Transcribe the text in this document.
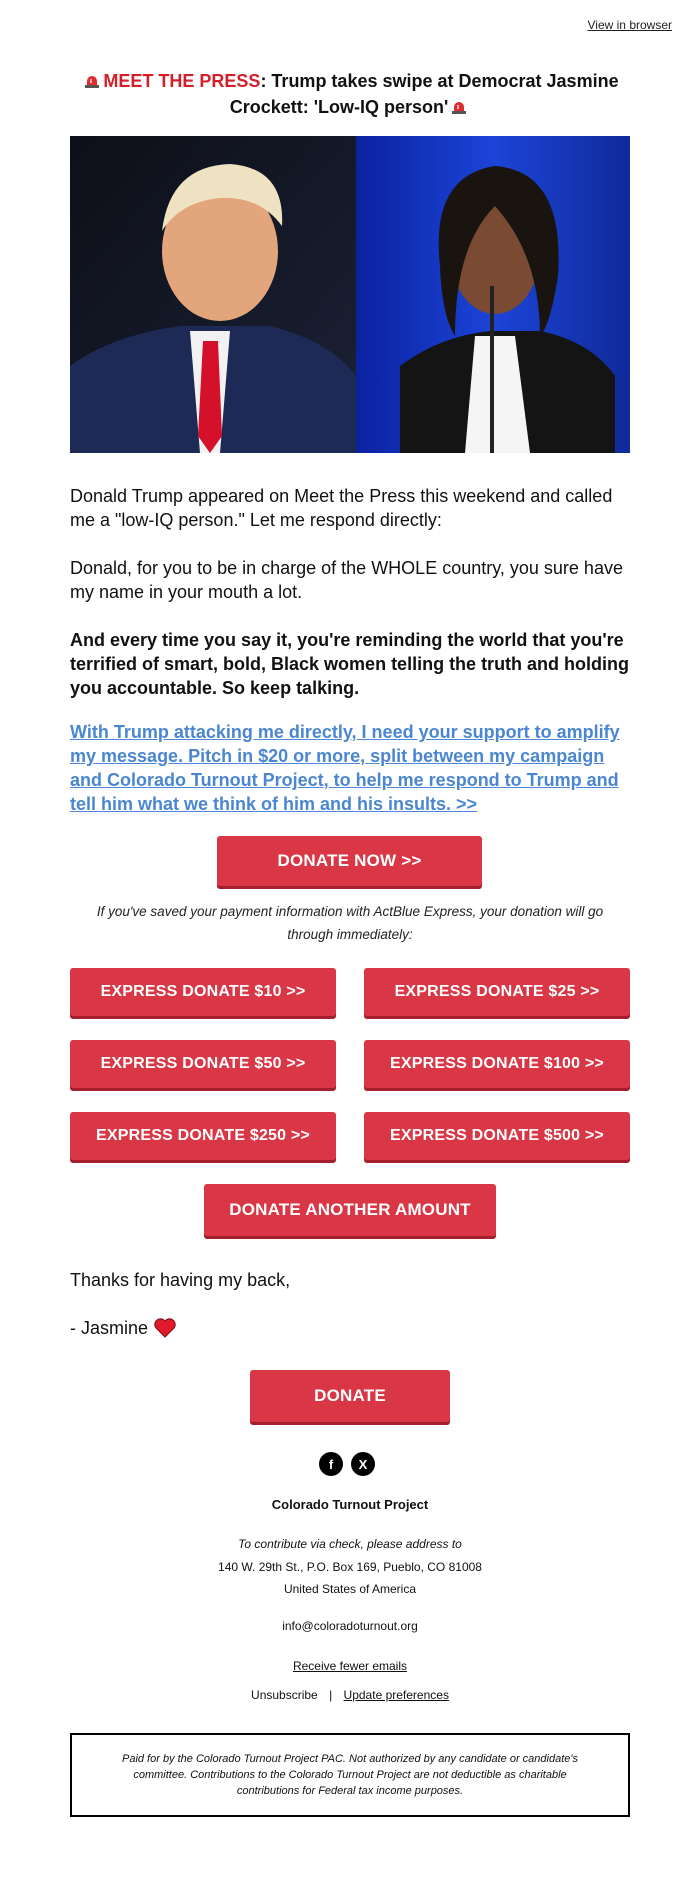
View in browser
MEET THE PRESS: Trump takes swipe at Democrat Jasmine Crockett: 'Low-IQ person'

Donald Trump appeared on Meet the Press this weekend and called me a "low-IQ person." Let me respond directly:

Donald, for you to be in charge of the WHOLE country, you sure have my name in your mouth a lot.

And every time you say it, you're reminding the world that you're terrified of smart, bold, Black women telling the truth and holding you accountable. So keep talking.

With Trump attacking me directly, I need your support to amplify my message. Pitch in $20 or more, split between my campaign and Colorado Turnout Project, to help me respond to Trump and tell him what we think of him and his insults. >>

DONATE NOW >>
If you've saved your payment information with ActBlue Express, your donation will go through immediately:
EXPRESS DONATE $10 >>	EXPRESS DONATE $25 >>
EXPRESS DONATE $50 >>	EXPRESS DONATE $100 >>
EXPRESS DONATE $250 >>	EXPRESS DONATE $500 >>
DONATE ANOTHER AMOUNT

Thanks for having my back,

- Jasmine

DONATE
f	X
Colorado Turnout Project
To contribute via check, please address to
140 W. 29th St., P.O. Box 169, Pueblo, CO 81008
United States of America
info@coloradoturnout.org
Receive fewer emails
Unsubscribe | Update preferences
Paid for by the Colorado Turnout Project PAC. Not authorized by any candidate or candidate's committee. Contributions to the Colorado Turnout Project are not deductible as charitable contributions for Federal tax income purposes.
